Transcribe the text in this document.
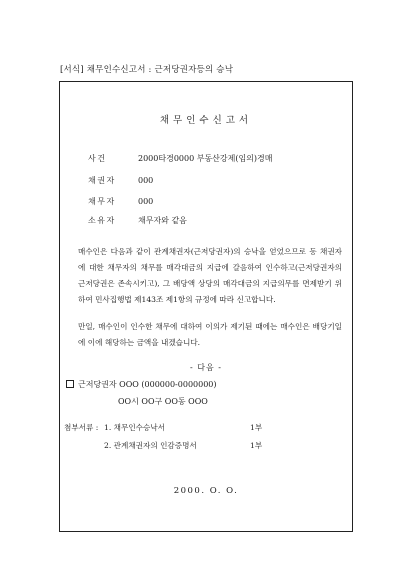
[서식] 채무인수신고서 : 근저당권자등의 승낙
채무인수신고서
사건	2000타경0000 부동산강제(임의)경매
채권자	000
채무자	000
소유자	채무자와 같음
매수인은 다음과 같이 관계채권자(근저당권자)의 승낙을 얻었으므로 동 채권자에 대한 채무자의 채무를 매각대금의 지급에 갈음하여 인수하고(근저당권자의 근저당권은 존속시키고), 그 배당액 상당의 매각대금의 지급의무를 면제받기 위하여 민사집행법 제143조 제1항의 규정에 따라 신고합니다.
만일, 매수인이 인수한 채무에 대하여 이의가 제기된 때에는 매수인은 배당기일에 이에 해당하는 금액을 내겠습니다.
- 다음 -
근저당권자 OOO (000000-0000000)
OO시 OO구 OO동 OOO
첨부서류 : 1. 채무인수승낙서	1부
2. 관계채권자의 인감증명서	1부
2000. O. O.
